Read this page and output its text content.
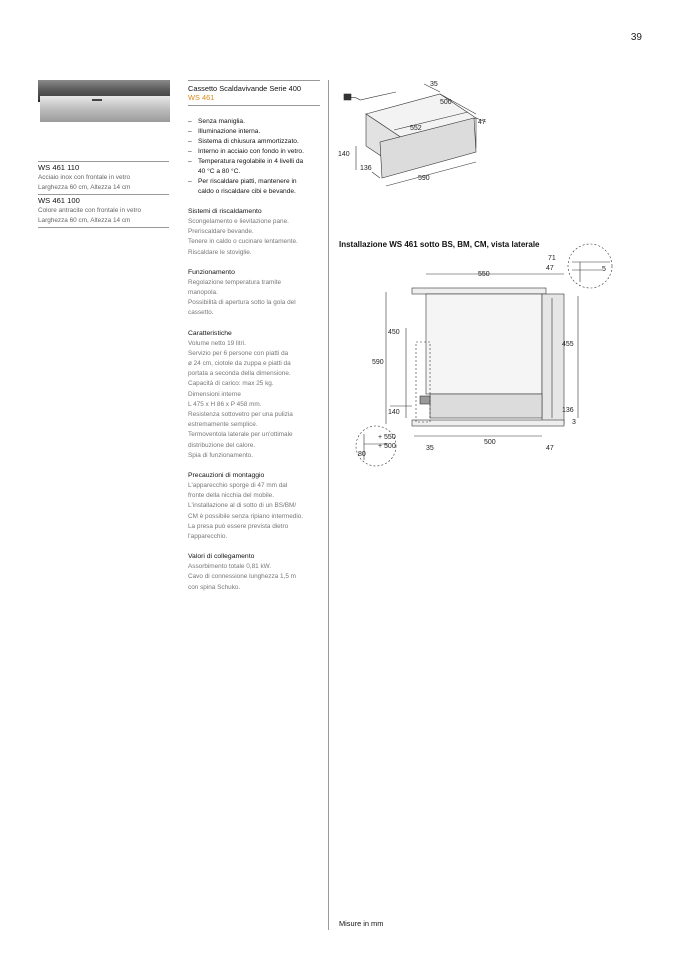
39
WS 461 110
Acciaio inox con frontale in vetro
Larghezza 60 cm, Altezza 14 cm
WS 461 100
Colore antracite con frontale in vetro
Larghezza 60 cm, Altezza 14 cm
Cassetto Scaldavivande Serie 400
WS 461
– Senza maniglia.
– Illuminazione interna.
– Sistema di chiusura ammortizzato.
– Interno in acciaio con fondo in vetro.
– Temperatura regolabile in 4 livelli da
40 °C a 80 °C.
– Per riscaldare piatti, mantenere in
caldo o riscaldare cibi e bevande.
Sistemi di riscaldamento
Scongelamento e lievitazione pane.
Preriscaldare bevande.
Tenere in caldo o cucinare lentamente.
Riscaldare le stoviglie.
Funzionamento
Regolazione temperatura tramite
manopola.
Possibilità di apertura sotto la gola del
cassetto.
Caratteristiche
Volume netto 19 litri.
Servizio per 6 persone con piatti da
ø 24 cm, ciotole da zuppa e piatti da
portata a seconda della dimensione.
Capacità di carico: max 25 kg.
Dimensioni interne
L 475 x H 86 x P 458 mm.
Resistenza sottovetro per una pulizia
estremamente semplice.
Termoventola laterale per un'ottimale
distribuzione del calore.
Spia di funzionamento.
Precauzioni di montaggio
L'apparecchio sporge di 47 mm dal
fronte della nicchia del mobile.
L'installazione al di sotto di un BS/BM/
CM è possibile senza ripiano intermedio.
La presa può essere prevista dietro
l'apparecchio.
Valori di collegamento
Assorbimento totale 0,81 kW.
Cavo di connessione lunghezza 1,5 m
con spina Schuko.
35
500
47
552
140
136
590
Installazione WS 461 sotto BS, BM, CM, vista laterale
71
47	5
550
450
590
455
140	136
3
+ 550
+ 500
80
35
500
47
Misure in mm
